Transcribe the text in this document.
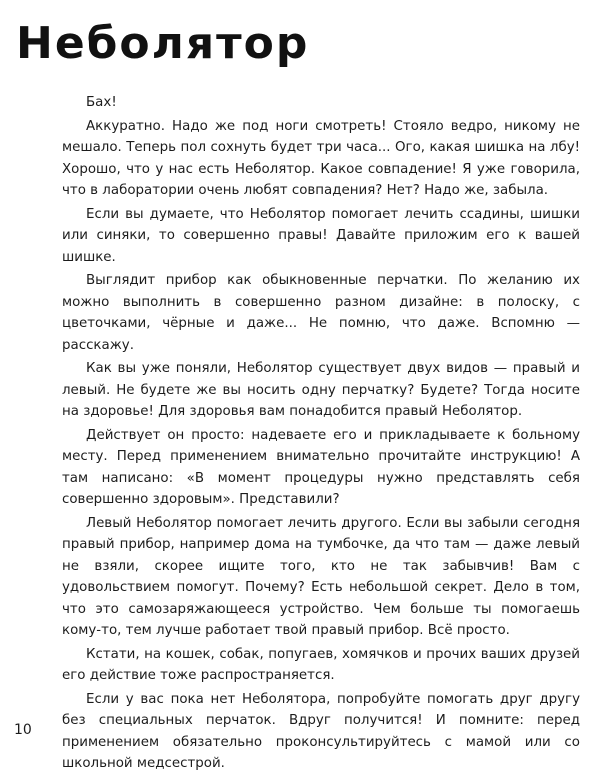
Неболятор

Бах!

Аккуратно. Надо же под ноги смотреть! Стояло ведро, никому не мешало. Теперь пол сохнуть будет три часа... Ого, какая шишка на лбу! Хорошо, что у нас есть Неболятор. Какое совпадение! Я уже говорила, что в лаборатории очень любят совпадения? Нет? Надо же, забыла.

Если вы думаете, что Неболятор помогает лечить ссадины, шишки или синяки, то совершенно правы! Давайте приложим его к вашей шишке.

Выглядит прибор как обыкновенные перчатки. По желанию их можно выполнить в совершенно разном дизайне: в полоску, с цветочками, чёрные и даже... Не помню, что даже. Вспомню — расскажу.

Как вы уже поняли, Неболятор существует двух видов — правый и левый. Не будете же вы носить одну перчатку? Будете? Тогда носите на здоровье! Для здоровья вам понадобится правый Неболятор.

Действует он просто: надеваете его и прикладываете к больному месту. Перед применением внимательно прочитайте инструкцию! А там написано: «В момент процедуры нужно представлять себя совершенно здоровым». Представили?

Левый Неболятор помогает лечить другого. Если вы забыли сегодня правый прибор, например дома на тумбочке, да что там — даже левый не взяли, скорее ищите того, кто не так забывчив! Вам с удовольствием помогут. Почему? Есть небольшой секрет. Дело в том, что это самозаряжающееся устройство. Чем больше ты помогаешь кому-то, тем лучше работает твой правый прибор. Всё просто.

Кстати, на кошек, собак, попугаев, хомячков и прочих ваших друзей его действие тоже распространяется.

Если у вас пока нет Неболятора, попробуйте помогать друг другу без специальных перчаток. Вдруг получится! И помните: перед применением обязательно проконсультируйтесь с мамой или со школьной медсестрой.

10
